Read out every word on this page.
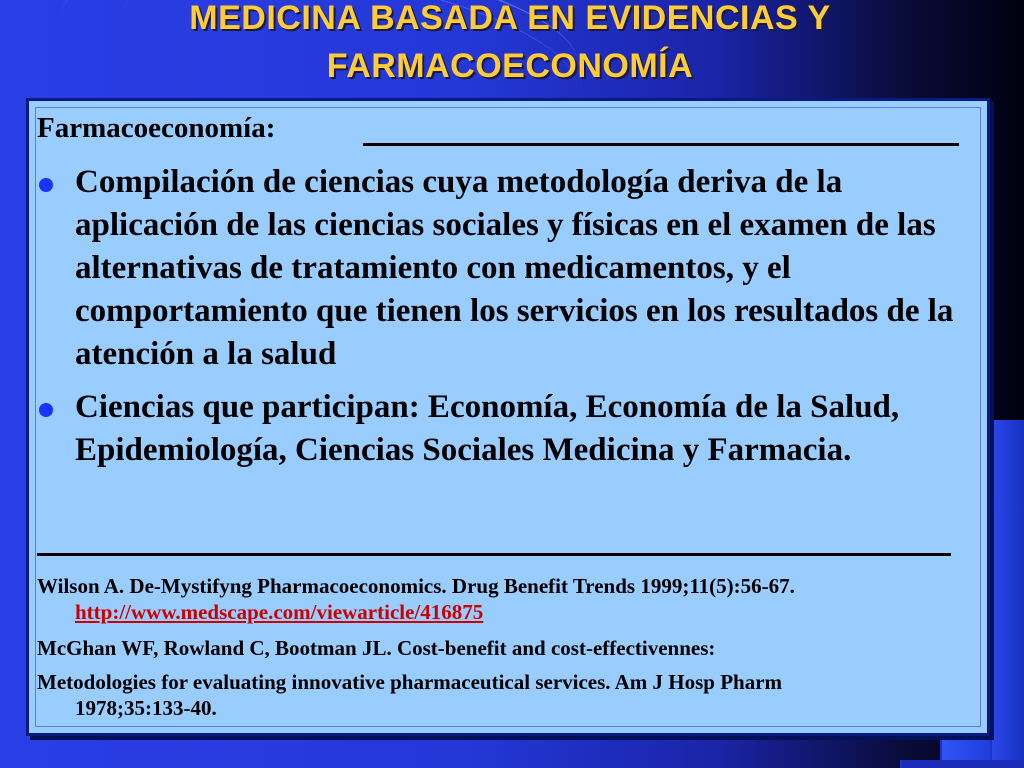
MEDICINA BASADA EN EVIDENCIAS Y
FARMACOECONOMÍA
Farmacoeconomía:
Compilación de ciencias cuya metodología deriva de la aplicación de las ciencias sociales y físicas en el examen de las alternativas de tratamiento con medicamentos, y el comportamiento que tienen los servicios en los resultados de la atención a la salud
Ciencias que participan: Economía, Economía de la Salud, Epidemiología, Ciencias Sociales Medicina y Farmacia.
Wilson A. De-Mystifyng Pharmacoeconomics. Drug Benefit Trends 1999;11(5):56-67.
http://www.medscape.com/viewarticle/416875
McGhan WF, Rowland C, Bootman JL. Cost-benefit and cost-effectivennes:
Metodologies for evaluating innovative pharmaceutical services. Am J Hosp Pharm
1978;35:133-40.
